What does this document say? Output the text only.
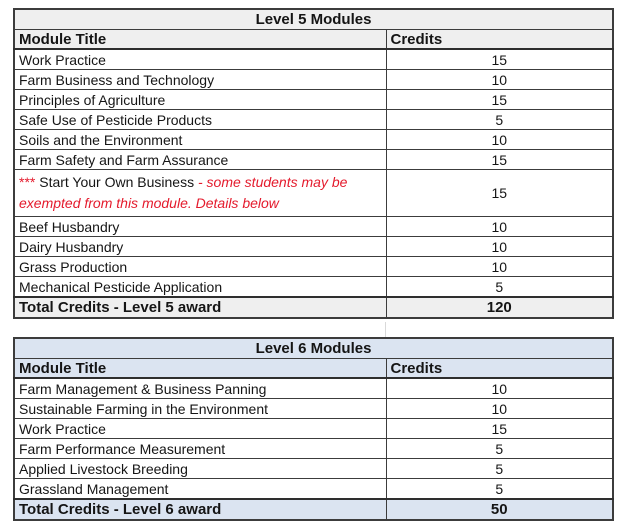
Level 5 Modules	
Module Title	Credits
Work Practice	15
Farm Business and Technology	10
Principles of Agriculture	15
Safe Use of Pesticide Products	5
Soils and the Environment	10
Farm Safety and Farm Assurance	15
*** Start Your Own Business - some students may be exempted from this module. Details below	15
Beef Husbandry	10
Dairy Husbandry	10
Grass Production	10
Mechanical Pesticide Application	5
Total Credits - Level 5 award	120
Level 6 Modules	
Module Title	Credits
Farm Management & Business Panning	10
Sustainable Farming in the Environment	10
Work Practice	15
Farm Performance Measurement	5
Applied Livestock Breeding	5
Grassland Management	5
Total Credits - Level 6 award	50
